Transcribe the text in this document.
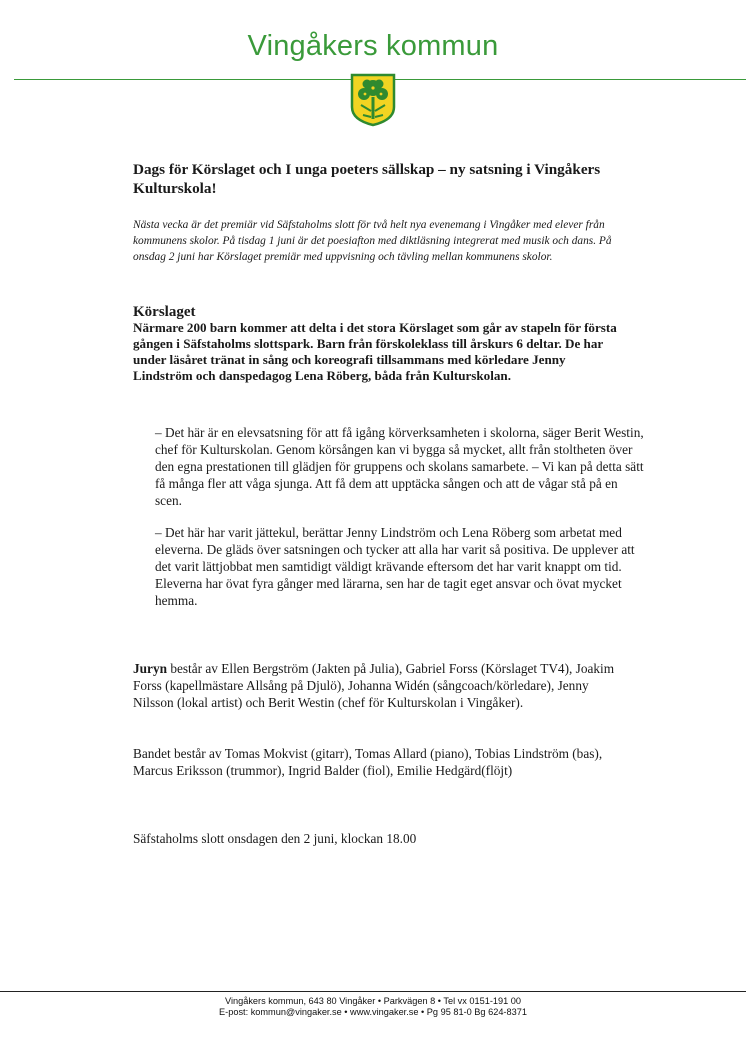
Vingåkers kommun
Dags för Körslaget och I unga poeters sällskap – ny satsning i Vingåkers Kulturskola!

Nästa vecka är det premiär vid Säfstaholms slott för två helt nya evenemang i Vingåker med elever från kommunens skolor. På tisdag 1 juni är det poesiafton med diktläsning integrerat med musik och dans. På onsdag 2 juni har Körslaget premiär med uppvisning och tävling mellan kommunens skolor.

Körslaget

Närmare 200 barn kommer att delta i det stora Körslaget som går av stapeln för första gången i Säfstaholms slottspark. Barn från förskoleklass till årskurs 6 deltar. De har under läsåret tränat in sång och koreografi tillsammans med körledare Jenny Lindström och danspedagog Lena Röberg, båda från Kulturskolan.

– Det här är en elevsatsning för att få igång körverksamheten i skolorna, säger Berit Westin, chef för Kulturskolan. Genom körsången kan vi bygga så mycket, allt från stoltheten över den egna prestationen till glädjen för gruppens och skolans samarbete. – Vi kan på detta sätt få många fler att våga sjunga. Att få dem att upptäcka sången och att de vågar stå på en scen.

– Det här har varit jättekul, berättar Jenny Lindström och Lena Röberg som arbetat med eleverna. De gläds över satsningen och tycker att alla har varit så positiva. De upplever att det varit lättjobbat men samtidigt väldigt krävande eftersom det har varit knappt om tid. Eleverna har övat fyra gånger med lärarna, sen har de tagit eget ansvar och övat mycket hemma.

Juryn består av Ellen Bergström (Jakten på Julia), Gabriel Forss (Körslaget TV4), Joakim Forss (kapellmästare Allsång på Djulö), Johanna Widén (sångcoach/körledare), Jenny Nilsson (lokal artist) och Berit Westin (chef för Kulturskolan i Vingåker).

Bandet består av Tomas Mokvist (gitarr), Tomas Allard (piano), Tobias Lindström (bas), Marcus Eriksson (trummor), Ingrid Balder (fiol), Emilie Hedgärd(flöjt)

Säfstaholms slott onsdagen den 2 juni, klockan 18.00

Vingåkers kommun, 643 80 Vingåker • Parkvägen 8 • Tel vx 0151-191 00
E-post: kommun@vingaker.se • www.vingaker.se • Pg 95 81-0 Bg 624-8371
